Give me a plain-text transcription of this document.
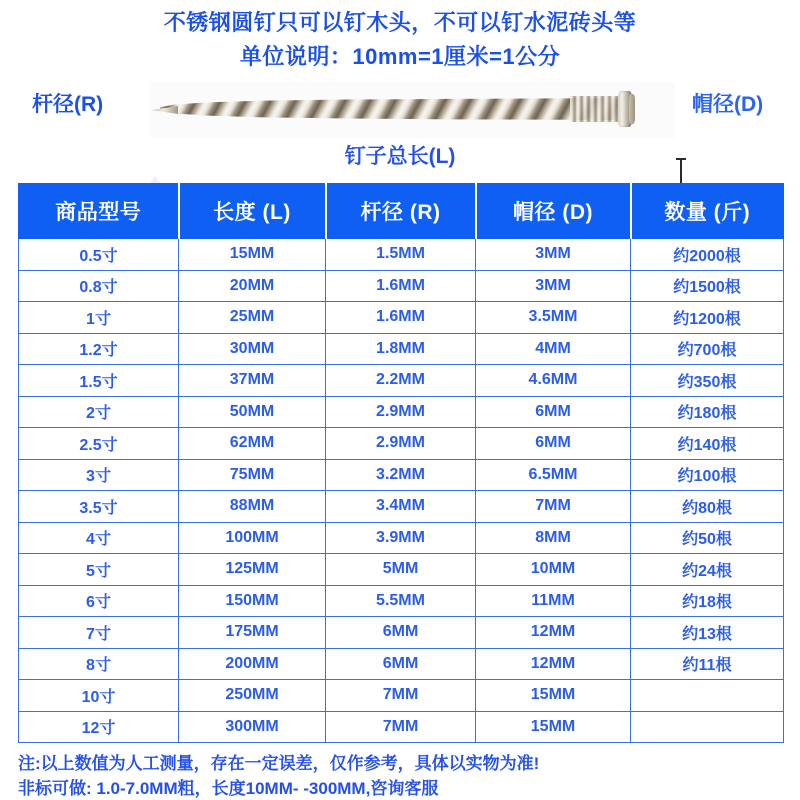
不锈钢圆钉只可以钉木头，不可以钉水泥砖头等
单位说明：10mm=1厘米=1公分
杆径(R)	帽径(D)
钉子总长(L)
商品型号	长度 (L)	杆径 (R)	帽径 (D)	数量 (斤)
0.5寸	15MM	1.5MM	3MM	约2000根
0.8寸	20MM	1.6MM	3MM	约1500根
1寸	25MM	1.6MM	3.5MM	约1200根
1.2寸	30MM	1.8MM	4MM	约700根
1.5寸	37MM	2.2MM	4.6MM	约350根
2寸	50MM	2.9MM	6MM	约180根
2.5寸	62MM	2.9MM	6MM	约140根
3寸	75MM	3.2MM	6.5MM	约100根
3.5寸	88MM	3.4MM	7MM	约80根
4寸	100MM	3.9MM	8MM	约50根
5寸	125MM	5MM	10MM	约24根
6寸	150MM	5.5MM	11MM	约18根
7寸	175MM	6MM	12MM	约13根
8寸	200MM	6MM	12MM	约11根
10寸	250MM	7MM	15MM	
12寸	300MM	7MM	15MM	
注:以上数值为人工测量，存在一定误差，仅作参考，具体以实物为准!
非标可做: 1.0-7.0MM粗，长度10MM- -300MM,咨询客服
